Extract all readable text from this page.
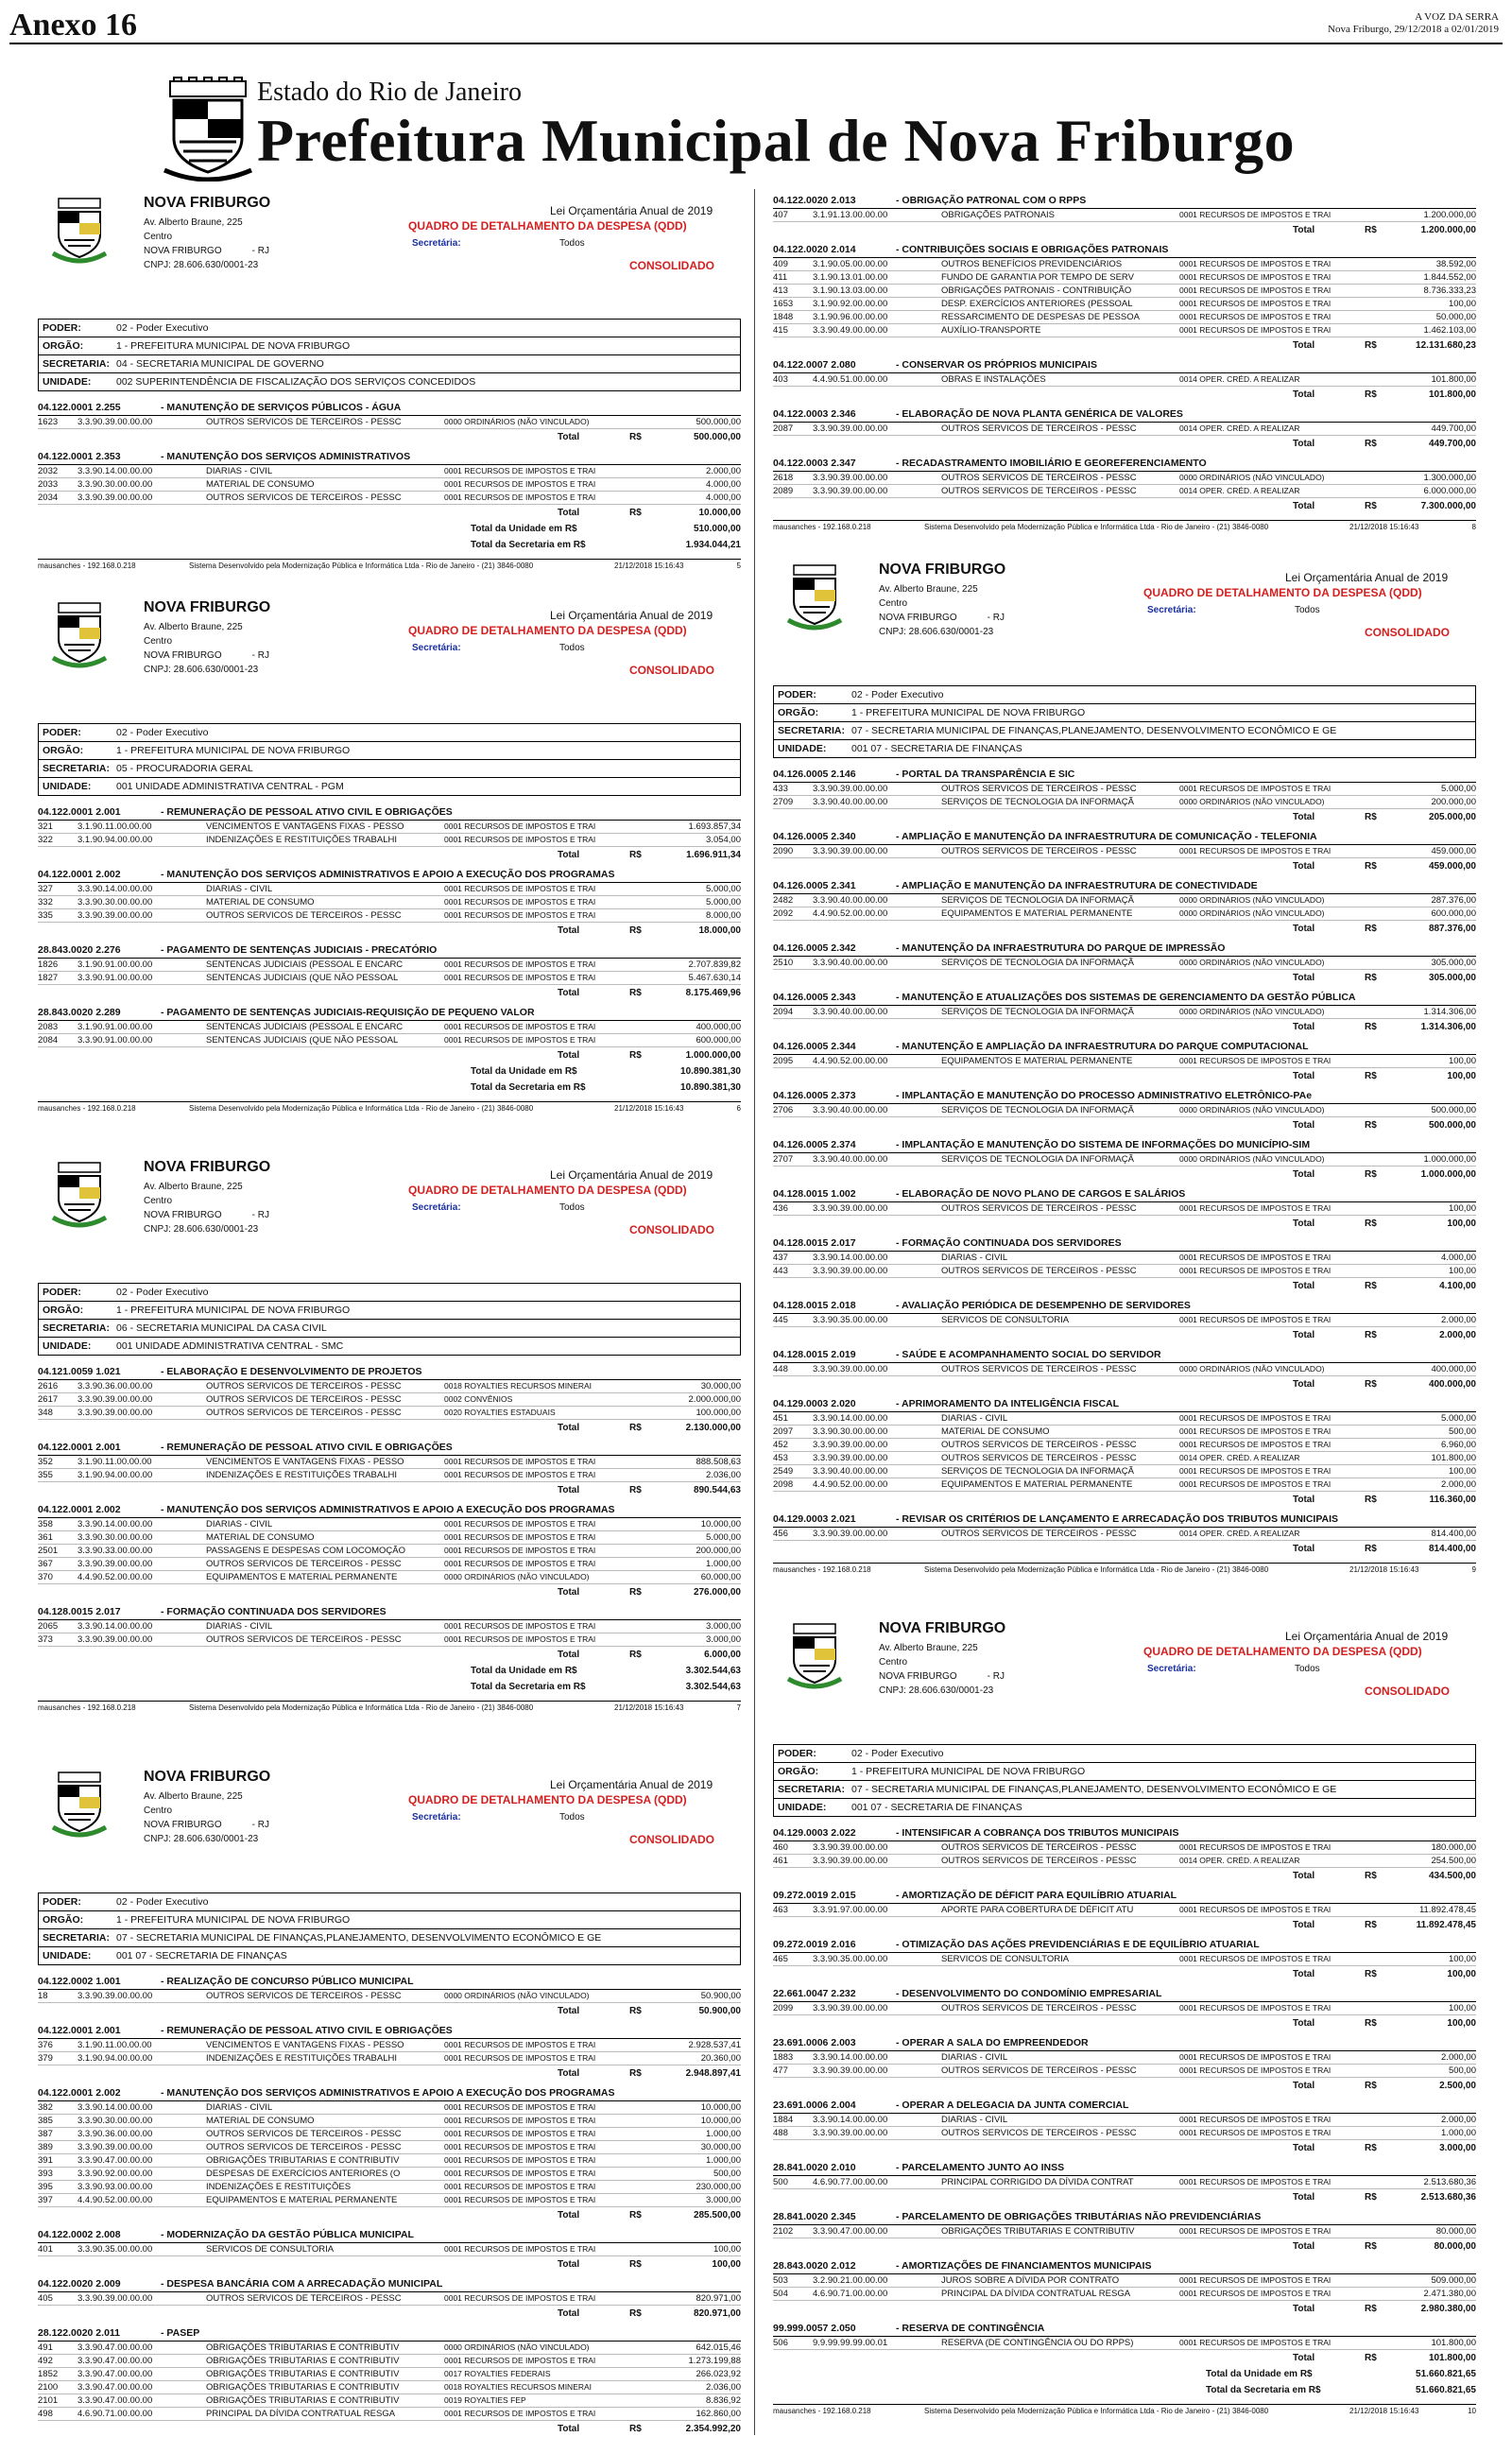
Anexo 16	A VOZ DA SERRA
Nova Friburgo, 29/12/2018 a 02/01/2019
Estado do Rio de Janeiro
Prefeitura Municipal de Nova Friburgo
NOVA FRIBURGO
Av. Alberto Braune, 225
Centro
NOVA FRIBURGO	- RJ
CNPJ: 28.606.630/0001-23
Lei Orçamentária Anual de 2019
QUADRO DE DETALHAMENTO DA DESPESA (QDD)
Secretária:	Todos
CONSOLIDADO
PODER:	02 - Poder Executivo
ORGÃO:	1 - PREFEITURA MUNICIPAL DE NOVA FRIBURGO
SECRETARIA: 04 - SECRETARIA MUNICIPAL DE GOVERNO
UNIDADE:	002 SUPERINTENDÊNCIA DE FISCALIZAÇÃO DOS SERVIÇOS CONCEDIDOS
04.122.0001 2.255	- MANUTENÇÃO DE SERVIÇOS PÚBLICOS - ÁGUA
1623	3.3.90.39.00.00.00	OUTROS SERVICOS DE TERCEIROS - PESSC	0000 ORDINÁRIOS (NÃO VINCULADO)	500.000,00
Total	R$	500.000,00
04.122.0001 2.353	- MANUTENÇÃO DOS SERVIÇOS ADMINISTRATIVOS
2032	3.3.90.14.00.00.00	DIARIAS - CIVIL	0001 RECURSOS DE IMPOSTOS E TRAI	2.000,00
2033	3.3.90.30.00.00.00	MATERIAL DE CONSUMO	0001 RECURSOS DE IMPOSTOS E TRAI	4.000,00
2034	3.3.90.39.00.00.00	OUTROS SERVICOS DE TERCEIROS - PESSC	0001 RECURSOS DE IMPOSTOS E TRAI	4.000,00
Total	R$	10.000,00
Total da Unidade em R$	510.000,00
Total da Secretaria em R$	1.934.044,21
mausanches - 192.168.0.218	Sistema Desenvolvido pela Modernização Pública e Informática Ltda - Rio de Janeiro - (21) 3846-0080	21/12/2018 15:16:43	5
NOVA FRIBURGO
Av. Alberto Braune, 225
Centro
NOVA FRIBURGO	- RJ
CNPJ: 28.606.630/0001-23
Lei Orçamentária Anual de 2019
QUADRO DE DETALHAMENTO DA DESPESA (QDD)
Secretária:	Todos
CONSOLIDADO
PODER:	02 - Poder Executivo
ORGÃO:	1 - PREFEITURA MUNICIPAL DE NOVA FRIBURGO
SECRETARIA: 05 - PROCURADORIA GERAL
UNIDADE:	001 UNIDADE ADMINISTRATIVA CENTRAL - PGM
04.122.0001 2.001	- REMUNERAÇÃO DE PESSOAL ATIVO CIVIL E OBRIGAÇÕES
321	3.1.90.11.00.00.00	VENCIMENTOS E VANTAGENS FIXAS - PESSO	0001 RECURSOS DE IMPOSTOS E TRAI	1.693.857,34
322	3.1.90.94.00.00.00	INDENIZAÇÕES E RESTITUIÇÕES TRABALHI	0001 RECURSOS DE IMPOSTOS E TRAI	3.054,00
Total	R$	1.696.911,34
04.122.0001 2.002	- MANUTENÇÃO DOS SERVIÇOS ADMINISTRATIVOS E APOIO A EXECUÇÃO DOS PROGRAMAS
327	3.3.90.14.00.00.00	DIARIAS - CIVIL	0001 RECURSOS DE IMPOSTOS E TRAI	5.000,00
332	3.3.90.30.00.00.00	MATERIAL DE CONSUMO	0001 RECURSOS DE IMPOSTOS E TRAI	5.000,00
335	3.3.90.39.00.00.00	OUTROS SERVICOS DE TERCEIROS - PESSC	0001 RECURSOS DE IMPOSTOS E TRAI	8.000,00
Total	R$	18.000,00
28.843.0020 2.276	- PAGAMENTO DE SENTENÇAS JUDICIAIS - PRECATÓRIO
1826	3.1.90.91.00.00.00	SENTENCAS JUDICIAIS (PESSOAL E ENCARC	0001 RECURSOS DE IMPOSTOS E TRAI	2.707.839,82
1827	3.3.90.91.00.00.00	SENTENCAS JUDICIAIS (QUE NÃO PESSOAL	0001 RECURSOS DE IMPOSTOS E TRAI	5.467.630,14
Total	R$	8.175.469,96
28.843.0020 2.289	- PAGAMENTO DE SENTENÇAS JUDICIAIS-REQUISIÇÃO DE PEQUENO VALOR
2083	3.1.90.91.00.00.00	SENTENCAS JUDICIAIS (PESSOAL E ENCARC	0001 RECURSOS DE IMPOSTOS E TRAI	400.000,00
2084	3.3.90.91.00.00.00	SENTENCAS JUDICIAIS (QUE NÃO PESSOAL	0001 RECURSOS DE IMPOSTOS E TRAI	600.000,00
Total	R$	1.000.000,00
Total da Unidade em R$	10.890.381,30
Total da Secretaria em R$	10.890.381,30
mausanches - 192.168.0.218	Sistema Desenvolvido pela Modernização Pública e Informática Ltda - Rio de Janeiro - (21) 3846-0080	21/12/2018 15:16:43	6
NOVA FRIBURGO
Av. Alberto Braune, 225
Centro
NOVA FRIBURGO	- RJ
CNPJ: 28.606.630/0001-23
Lei Orçamentária Anual de 2019
QUADRO DE DETALHAMENTO DA DESPESA (QDD)
Secretária:	Todos
CONSOLIDADO
PODER:	02 - Poder Executivo
ORGÃO:	1 - PREFEITURA MUNICIPAL DE NOVA FRIBURGO
SECRETARIA: 06 - SECRETARIA MUNICIPAL DA CASA CIVIL
UNIDADE:	001 UNIDADE ADMINISTRATIVA CENTRAL - SMC
04.121.0059 1.021	- ELABORAÇÃO E DESENVOLVIMENTO DE PROJETOS
2616	3.3.90.36.00.00.00	OUTROS SERVICOS DE TERCEIROS - PESSC	0018 ROYALTIES RECURSOS MINERAI	30.000,00
2617	3.3.90.39.00.00.00	OUTROS SERVICOS DE TERCEIROS - PESSC	0002 CONVÊNIOS	2.000.000,00
348	3.3.90.39.00.00.00	OUTROS SERVICOS DE TERCEIROS - PESSC	0020 ROYALTIES ESTADUAIS	100.000,00
Total	R$	2.130.000,00
04.122.0001 2.001	- REMUNERAÇÃO DE PESSOAL ATIVO CIVIL E OBRIGAÇÕES
352	3.1.90.11.00.00.00	VENCIMENTOS E VANTAGENS FIXAS - PESSO	0001 RECURSOS DE IMPOSTOS E TRAI	888.508,63
355	3.1.90.94.00.00.00	INDENIZAÇÕES E RESTITUIÇÕES TRABALHI	0001 RECURSOS DE IMPOSTOS E TRAI	2.036,00
Total	R$	890.544,63
04.122.0001 2.002	- MANUTENÇÃO DOS SERVIÇOS ADMINISTRATIVOS E APOIO A EXECUÇÃO DOS PROGRAMAS
358	3.3.90.14.00.00.00	DIARIAS - CIVIL	0001 RECURSOS DE IMPOSTOS E TRAI	10.000,00
361	3.3.90.30.00.00.00	MATERIAL DE CONSUMO	0001 RECURSOS DE IMPOSTOS E TRAI	5.000,00
2501	3.3.90.33.00.00.00	PASSAGENS E DESPESAS COM LOCOMOÇÃO	0001 RECURSOS DE IMPOSTOS E TRAI	200.000,00
367	3.3.90.39.00.00.00	OUTROS SERVICOS DE TERCEIROS - PESSC	0001 RECURSOS DE IMPOSTOS E TRAI	1.000,00
370	4.4.90.52.00.00.00	EQUIPAMENTOS E MATERIAL PERMANENTE	0000 ORDINÁRIOS (NÃO VINCULADO)	60.000,00
Total	R$	276.000,00
04.128.0015 2.017	- FORMAÇÃO CONTINUADA DOS SERVIDORES
2065	3.3.90.14.00.00.00	DIARIAS - CIVIL	0001 RECURSOS DE IMPOSTOS E TRAI	3.000,00
373	3.3.90.39.00.00.00	OUTROS SERVICOS DE TERCEIROS - PESSC	0001 RECURSOS DE IMPOSTOS E TRAI	3.000,00
Total	R$	6.000,00
Total da Unidade em R$	3.302.544,63
Total da Secretaria em R$	3.302.544,63
mausanches - 192.168.0.218	Sistema Desenvolvido pela Modernização Pública e Informática Ltda - Rio de Janeiro - (21) 3846-0080	21/12/2018 15:16:43	7
NOVA FRIBURGO
Av. Alberto Braune, 225
Centro
NOVA FRIBURGO	- RJ
CNPJ: 28.606.630/0001-23
Lei Orçamentária Anual de 2019
QUADRO DE DETALHAMENTO DA DESPESA (QDD)
Secretária:	Todos
CONSOLIDADO
PODER:	02 - Poder Executivo
ORGÃO:	1 - PREFEITURA MUNICIPAL DE NOVA FRIBURGO
SECRETARIA: 07 - SECRETARIA MUNICIPAL DE FINANÇAS,PLANEJAMENTO, DESENVOLVIMENTO ECONÔMICO E GE
UNIDADE:	001 07 - SECRETARIA DE FINANÇAS
04.122.0002 1.001	- REALIZAÇÃO DE CONCURSO PÚBLICO MUNICIPAL
18	3.3.90.39.00.00.00	OUTROS SERVICOS DE TERCEIROS - PESSC	0000 ORDINÁRIOS (NÃO VINCULADO)	50.900,00
Total	R$	50.900,00
04.122.0001 2.001	- REMUNERAÇÃO DE PESSOAL ATIVO CIVIL E OBRIGAÇÕES
376	3.1.90.11.00.00.00	VENCIMENTOS E VANTAGENS FIXAS - PESSO	0001 RECURSOS DE IMPOSTOS E TRAI	2.928.537,41
379	3.1.90.94.00.00.00	INDENIZAÇÕES E RESTITUIÇÕES TRABALHI	0001 RECURSOS DE IMPOSTOS E TRAI	20.360,00
Total	R$	2.948.897,41
04.122.0001 2.002	- MANUTENÇÃO DOS SERVIÇOS ADMINISTRATIVOS E APOIO A EXECUÇÃO DOS PROGRAMAS
382	3.3.90.14.00.00.00	DIARIAS - CIVIL	0001 RECURSOS DE IMPOSTOS E TRAI	10.000,00
385	3.3.90.30.00.00.00	MATERIAL DE CONSUMO	0001 RECURSOS DE IMPOSTOS E TRAI	10.000,00
387	3.3.90.36.00.00.00	OUTROS SERVICOS DE TERCEIROS - PESSC	0001 RECURSOS DE IMPOSTOS E TRAI	1.000,00
389	3.3.90.39.00.00.00	OUTROS SERVICOS DE TERCEIROS - PESSC	0001 RECURSOS DE IMPOSTOS E TRAI	30.000,00
391	3.3.90.47.00.00.00	OBRIGAÇÕES TRIBUTARIAS E CONTRIBUTIV	0001 RECURSOS DE IMPOSTOS E TRAI	1.000,00
393	3.3.90.92.00.00.00	DESPESAS DE EXERCÍCIOS ANTERIORES (O	0001 RECURSOS DE IMPOSTOS E TRAI	500,00
395	3.3.90.93.00.00.00	INDENIZAÇÕES E RESTITUIÇÕES	0001 RECURSOS DE IMPOSTOS E TRAI	230.000,00
397	4.4.90.52.00.00.00	EQUIPAMENTOS E MATERIAL PERMANENTE	0001 RECURSOS DE IMPOSTOS E TRAI	3.000,00
Total	R$	285.500,00
04.122.0002 2.008	- MODERNIZAÇÃO DA GESTÃO PÚBLICA MUNICIPAL
401	3.3.90.35.00.00.00	SERVICOS DE CONSULTORIA	0001 RECURSOS DE IMPOSTOS E TRAI	100,00
Total	R$	100,00
04.122.0020 2.009	- DESPESA BANCÁRIA COM A ARRECADAÇÃO MUNICIPAL
405	3.3.90.39.00.00.00	OUTROS SERVICOS DE TERCEIROS - PESSC	0001 RECURSOS DE IMPOSTOS E TRAI	820.971,00
Total	R$	820.971,00
28.122.0020 2.011	- PASEP
491	3.3.90.47.00.00.00	OBRIGAÇÕES TRIBUTARIAS E CONTRIBUTIV	0000 ORDINÁRIOS (NÃO VINCULADO)	642.015,46
492	3.3.90.47.00.00.00	OBRIGAÇÕES TRIBUTARIAS E CONTRIBUTIV	0001 RECURSOS DE IMPOSTOS E TRAI	1.273.199,88
1852	3.3.90.47.00.00.00	OBRIGAÇÕES TRIBUTARIAS E CONTRIBUTIV	0017 ROYALTIES FEDERAIS	266.023,92
2100	3.3.90.47.00.00.00	OBRIGAÇÕES TRIBUTARIAS E CONTRIBUTIV	0018 ROYALTIES RECURSOS MINERAI	2.036,00
2101	3.3.90.47.00.00.00	OBRIGAÇÕES TRIBUTARIAS E CONTRIBUTIV	0019 ROYALTIES FEP	8.836,92
498	4.6.90.71.00.00.00	PRINCIPAL DA DÍVIDA CONTRATUAL RESGA	0001 RECURSOS DE IMPOSTOS E TRAI	162.860,00
Total	R$	2.354.992,20
04.122.0020 2.013	- OBRIGAÇÃO PATRONAL COM O RPPS
407	3.1.91.13.00.00.00	OBRIGAÇÕES PATRONAIS	0001 RECURSOS DE IMPOSTOS E TRAI	1.200.000,00
Total	R$	1.200.000,00
04.122.0020 2.014	- CONTRIBUIÇÕES SOCIAIS E OBRIGAÇÕES PATRONAIS
409	3.1.90.05.00.00.00	OUTROS BENEFÍCIOS PREVIDENCIÁRIOS	0001 RECURSOS DE IMPOSTOS E TRAI	38.592,00
411	3.1.90.13.01.00.00	FUNDO DE GARANTIA POR TEMPO DE SERV	0001 RECURSOS DE IMPOSTOS E TRAI	1.844.552,00
413	3.1.90.13.03.00.00	OBRIGAÇÕES PATRONAIS - CONTRIBUIÇÃO	0001 RECURSOS DE IMPOSTOS E TRAI	8.736.333,23
1653	3.1.90.92.00.00.00	DESP. EXERCÍCIOS ANTERIORES (PESSOAL	0001 RECURSOS DE IMPOSTOS E TRAI	100,00
1848	3.1.90.96.00.00.00	RESSARCIMENTO DE DESPESAS DE PESSOA	0001 RECURSOS DE IMPOSTOS E TRAI	50.000,00
415	3.3.90.49.00.00.00	AUXÍLIO-TRANSPORTE	0001 RECURSOS DE IMPOSTOS E TRAI	1.462.103,00
Total	R$	12.131.680,23
04.122.0007 2.080	- CONSERVAR OS PRÓPRIOS MUNICIPAIS
403	4.4.90.51.00.00.00	OBRAS E INSTALAÇÕES	0014 OPER. CRÉD. A REALIZAR	101.800,00
Total	R$	101.800,00
04.122.0003 2.346	- ELABORAÇÃO DE NOVA PLANTA GENÉRICA DE VALORES
2087	3.3.90.39.00.00.00	OUTROS SERVICOS DE TERCEIROS - PESSC	0014 OPER. CRÉD. A REALIZAR	449.700,00
Total	R$	449.700,00
04.122.0003 2.347	- RECADASTRAMENTO IMOBILIÁRIO E GEOREFERENCIAMENTO
2618	3.3.90.39.00.00.00	OUTROS SERVICOS DE TERCEIROS - PESSC	0000 ORDINÁRIOS (NÃO VINCULADO)	1.300.000,00
2089	3.3.90.39.00.00.00	OUTROS SERVICOS DE TERCEIROS - PESSC	0014 OPER. CRÉD. A REALIZAR	6.000.000,00
Total	R$	7.300.000,00
mausanches - 192.168.0.218	Sistema Desenvolvido pela Modernização Pública e Informática Ltda - Rio de Janeiro - (21) 3846-0080	21/12/2018 15:16:43	8
NOVA FRIBURGO
Av. Alberto Braune, 225
Centro
NOVA FRIBURGO	- RJ
CNPJ: 28.606.630/0001-23
Lei Orçamentária Anual de 2019
QUADRO DE DETALHAMENTO DA DESPESA (QDD)
Secretária:	Todos
CONSOLIDADO
PODER:	02 - Poder Executivo
ORGÃO:	1 - PREFEITURA MUNICIPAL DE NOVA FRIBURGO
SECRETARIA: 07 - SECRETARIA MUNICIPAL DE FINANÇAS,PLANEJAMENTO, DESENVOLVIMENTO ECONÔMICO E GE
UNIDADE:	001 07 - SECRETARIA DE FINANÇAS
04.126.0005 2.146	- PORTAL DA TRANSPARÊNCIA E SIC
433	3.3.90.39.00.00.00	OUTROS SERVICOS DE TERCEIROS - PESSC	0001 RECURSOS DE IMPOSTOS E TRAI	5.000,00
2709	3.3.90.40.00.00.00	SERVIÇOS DE TECNOLOGIA DA INFORMAÇÃ	0000 ORDINÁRIOS (NÃO VINCULADO)	200.000,00
Total	R$	205.000,00
04.126.0005 2.340	- AMPLIAÇÃO E MANUTENÇÃO DA INFRAESTRUTURA DE COMUNICAÇÃO - TELEFONIA
2090	3.3.90.39.00.00.00	OUTROS SERVICOS DE TERCEIROS - PESSC	0001 RECURSOS DE IMPOSTOS E TRAI	459.000,00
Total	R$	459.000,00
04.126.0005 2.341	- AMPLIAÇÃO E MANUTENÇÃO DA INFRAESTRUTURA DE CONECTIVIDADE
2482	3.3.90.40.00.00.00	SERVIÇOS DE TECNOLOGIA DA INFORMAÇÃ	0000 ORDINÁRIOS (NÃO VINCULADO)	287.376,00
2092	4.4.90.52.00.00.00	EQUIPAMENTOS E MATERIAL PERMANENTE	0000 ORDINÁRIOS (NÃO VINCULADO)	600.000,00
Total	R$	887.376,00
04.126.0005 2.342	- MANUTENÇÃO DA INFRAESTRUTURA DO PARQUE DE IMPRESSÃO
2510	3.3.90.40.00.00.00	SERVIÇOS DE TECNOLOGIA DA INFORMAÇÃ	0000 ORDINÁRIOS (NÃO VINCULADO)	305.000,00
Total	R$	305.000,00
04.126.0005 2.343	- MANUTENÇÃO E ATUALIZAÇÕES DOS SISTEMAS DE GERENCIAMENTO DA GESTÃO PÚBLICA
2094	3.3.90.40.00.00.00	SERVIÇOS DE TECNOLOGIA DA INFORMAÇÃ	0000 ORDINÁRIOS (NÃO VINCULADO)	1.314.306,00
Total	R$	1.314.306,00
04.126.0005 2.344	- MANUTENÇÃO E AMPLIAÇÃO DA INFRAESTRUTURA DO PARQUE COMPUTACIONAL
2095	4.4.90.52.00.00.00	EQUIPAMENTOS E MATERIAL PERMANENTE	0001 RECURSOS DE IMPOSTOS E TRAI	100,00
Total	R$	100,00
04.126.0005 2.373	- IMPLANTAÇÃO E MANUTENÇÃO DO PROCESSO ADMINISTRATIVO ELETRÔNICO-PAe
2706	3.3.90.40.00.00.00	SERVIÇOS DE TECNOLOGIA DA INFORMAÇÃ	0000 ORDINÁRIOS (NÃO VINCULADO)	500.000,00
Total	R$	500.000,00
04.126.0005 2.374	- IMPLANTAÇÃO E MANUTENÇÃO DO SISTEMA DE INFORMAÇÕES DO MUNICÍPIO-SIM
2707	3.3.90.40.00.00.00	SERVIÇOS DE TECNOLOGIA DA INFORMAÇÃ	0000 ORDINÁRIOS (NÃO VINCULADO)	1.000.000,00
Total	R$	1.000.000,00
04.128.0015 1.002	- ELABORAÇÃO DE NOVO PLANO DE CARGOS E SALÁRIOS
436	3.3.90.39.00.00.00	OUTROS SERVICOS DE TERCEIROS - PESSC	0001 RECURSOS DE IMPOSTOS E TRAI	100,00
Total	R$	100,00
04.128.0015 2.017	- FORMAÇÃO CONTINUADA DOS SERVIDORES
437	3.3.90.14.00.00.00	DIARIAS - CIVIL	0001 RECURSOS DE IMPOSTOS E TRAI	4.000,00
443	3.3.90.39.00.00.00	OUTROS SERVICOS DE TERCEIROS - PESSC	0001 RECURSOS DE IMPOSTOS E TRAI	100,00
Total	R$	4.100,00
04.128.0015 2.018	- AVALIAÇÃO PERIÓDICA DE DESEMPENHO DE SERVIDORES
445	3.3.90.35.00.00.00	SERVICOS DE CONSULTORIA	0001 RECURSOS DE IMPOSTOS E TRAI	2.000,00
Total	R$	2.000,00
04.128.0015 2.019	- SAÚDE E ACOMPANHAMENTO SOCIAL DO SERVIDOR
448	3.3.90.39.00.00.00	OUTROS SERVICOS DE TERCEIROS - PESSC	0000 ORDINÁRIOS (NÃO VINCULADO)	400.000,00
Total	R$	400.000,00
04.129.0003 2.020	- APRIMORAMENTO DA INTELIGÊNCIA FISCAL
451	3.3.90.14.00.00.00	DIARIAS - CIVIL	0001 RECURSOS DE IMPOSTOS E TRAI	5.000,00
2097	3.3.90.30.00.00.00	MATERIAL DE CONSUMO	0001 RECURSOS DE IMPOSTOS E TRAI	500,00
452	3.3.90.39.00.00.00	OUTROS SERVICOS DE TERCEIROS - PESSC	0001 RECURSOS DE IMPOSTOS E TRAI	6.960,00
453	3.3.90.39.00.00.00	OUTROS SERVICOS DE TERCEIROS - PESSC	0014 OPER. CRÉD. A REALIZAR	101.800,00
2549	3.3.90.40.00.00.00	SERVIÇOS DE TECNOLOGIA DA INFORMAÇÃ	0001 RECURSOS DE IMPOSTOS E TRAI	100,00
2098	4.4.90.52.00.00.00	EQUIPAMENTOS E MATERIAL PERMANENTE	0001 RECURSOS DE IMPOSTOS E TRAI	2.000,00
Total	R$	116.360,00
04.129.0003 2.021	- REVISAR OS CRITÉRIOS DE LANÇAMENTO E ARRECADAÇÃO DOS TRIBUTOS MUNICIPAIS
456	3.3.90.39.00.00.00	OUTROS SERVICOS DE TERCEIROS - PESSC	0014 OPER. CRÉD. A REALIZAR	814.400,00
Total	R$	814.400,00
mausanches - 192.168.0.218	Sistema Desenvolvido pela Modernização Pública e Informática Ltda - Rio de Janeiro - (21) 3846-0080	21/12/2018 15:16:43	9
NOVA FRIBURGO
Av. Alberto Braune, 225
Centro
NOVA FRIBURGO	- RJ
CNPJ: 28.606.630/0001-23
Lei Orçamentária Anual de 2019
QUADRO DE DETALHAMENTO DA DESPESA (QDD)
Secretária:	Todos
CONSOLIDADO
PODER:	02 - Poder Executivo
ORGÃO:	1 - PREFEITURA MUNICIPAL DE NOVA FRIBURGO
SECRETARIA: 07 - SECRETARIA MUNICIPAL DE FINANÇAS,PLANEJAMENTO, DESENVOLVIMENTO ECONÔMICO E GE
UNIDADE:	001 07 - SECRETARIA DE FINANÇAS
04.129.0003 2.022	- INTENSIFICAR A COBRANÇA DOS TRIBUTOS MUNICIPAIS
460	3.3.90.39.00.00.00	OUTROS SERVICOS DE TERCEIROS - PESSC	0001 RECURSOS DE IMPOSTOS E TRAI	180.000,00
461	3.3.90.39.00.00.00	OUTROS SERVICOS DE TERCEIROS - PESSC	0014 OPER. CRÉD. A REALIZAR	254.500,00
Total	R$	434.500,00
09.272.0019 2.015	- AMORTIZAÇÃO DE DÉFICIT PARA EQUILÍBRIO ATUARIAL
463	3.3.91.97.00.00.00	APORTE PARA COBERTURA DE DÉFICIT ATU	0001 RECURSOS DE IMPOSTOS E TRAI	11.892.478,45
Total	R$	11.892.478,45
09.272.0019 2.016	- OTIMIZAÇÃO DAS AÇÕES PREVIDENCIÁRIAS E DE EQUILÍBRIO ATUARIAL
465	3.3.90.35.00.00.00	SERVICOS DE CONSULTORIA	0001 RECURSOS DE IMPOSTOS E TRAI	100,00
Total	R$	100,00
22.661.0047 2.232	- DESENVOLVIMENTO DO CONDOMÍNIO EMPRESARIAL
2099	3.3.90.39.00.00.00	OUTROS SERVICOS DE TERCEIROS - PESSC	0001 RECURSOS DE IMPOSTOS E TRAI	100,00
Total	R$	100,00
23.691.0006 2.003	- OPERAR A SALA DO EMPREENDEDOR
1883	3.3.90.14.00.00.00	DIARIAS - CIVIL	0001 RECURSOS DE IMPOSTOS E TRAI	2.000,00
477	3.3.90.39.00.00.00	OUTROS SERVICOS DE TERCEIROS - PESSC	0001 RECURSOS DE IMPOSTOS E TRAI	500,00
Total	R$	2.500,00
23.691.0006 2.004	- OPERAR A DELEGACIA DA JUNTA COMERCIAL
1884	3.3.90.14.00.00.00	DIARIAS - CIVIL	0001 RECURSOS DE IMPOSTOS E TRAI	2.000,00
488	3.3.90.39.00.00.00	OUTROS SERVICOS DE TERCEIROS - PESSC	0001 RECURSOS DE IMPOSTOS E TRAI	1.000,00
Total	R$	3.000,00
28.841.0020 2.010	- PARCELAMENTO JUNTO AO INSS
500	4.6.90.77.00.00.00	PRINCIPAL CORRIGIDO DA DÍVIDA CONTRAT	0001 RECURSOS DE IMPOSTOS E TRAI	2.513.680,36
Total	R$	2.513.680,36
28.841.0020 2.345	- PARCELAMENTO DE OBRIGAÇÕES TRIBUTÁRIAS NÃO PREVIDENCIÁRIAS
2102	3.3.90.47.00.00.00	OBRIGAÇÕES TRIBUTARIAS E CONTRIBUTIV	0001 RECURSOS DE IMPOSTOS E TRAI	80.000,00
Total	R$	80.000,00
28.843.0020 2.012	- AMORTIZAÇÕES DE FINANCIAMENTOS MUNICIPAIS
503	3.2.90.21.00.00.00	JUROS SOBRE A DÍVIDA POR CONTRATO	0001 RECURSOS DE IMPOSTOS E TRAI	509.000,00
504	4.6.90.71.00.00.00	PRINCIPAL DA DÍVIDA CONTRATUAL RESGA	0001 RECURSOS DE IMPOSTOS E TRAI	2.471.380,00
Total	R$	2.980.380,00
99.999.0057 2.050	- RESERVA DE CONTINGÊNCIA
506	9.9.99.99.99.00.01	RESERVA (DE CONTINGÊNCIA OU DO RPPS)	0001 RECURSOS DE IMPOSTOS E TRAI	101.800,00
Total	R$	101.800,00
Total da Unidade em R$	51.660.821,65
Total da Secretaria em R$	51.660.821,65
mausanches - 192.168.0.218	Sistema Desenvolvido pela Modernização Pública e Informática Ltda - Rio de Janeiro - (21) 3846-0080	21/12/2018 15:16:43	10
